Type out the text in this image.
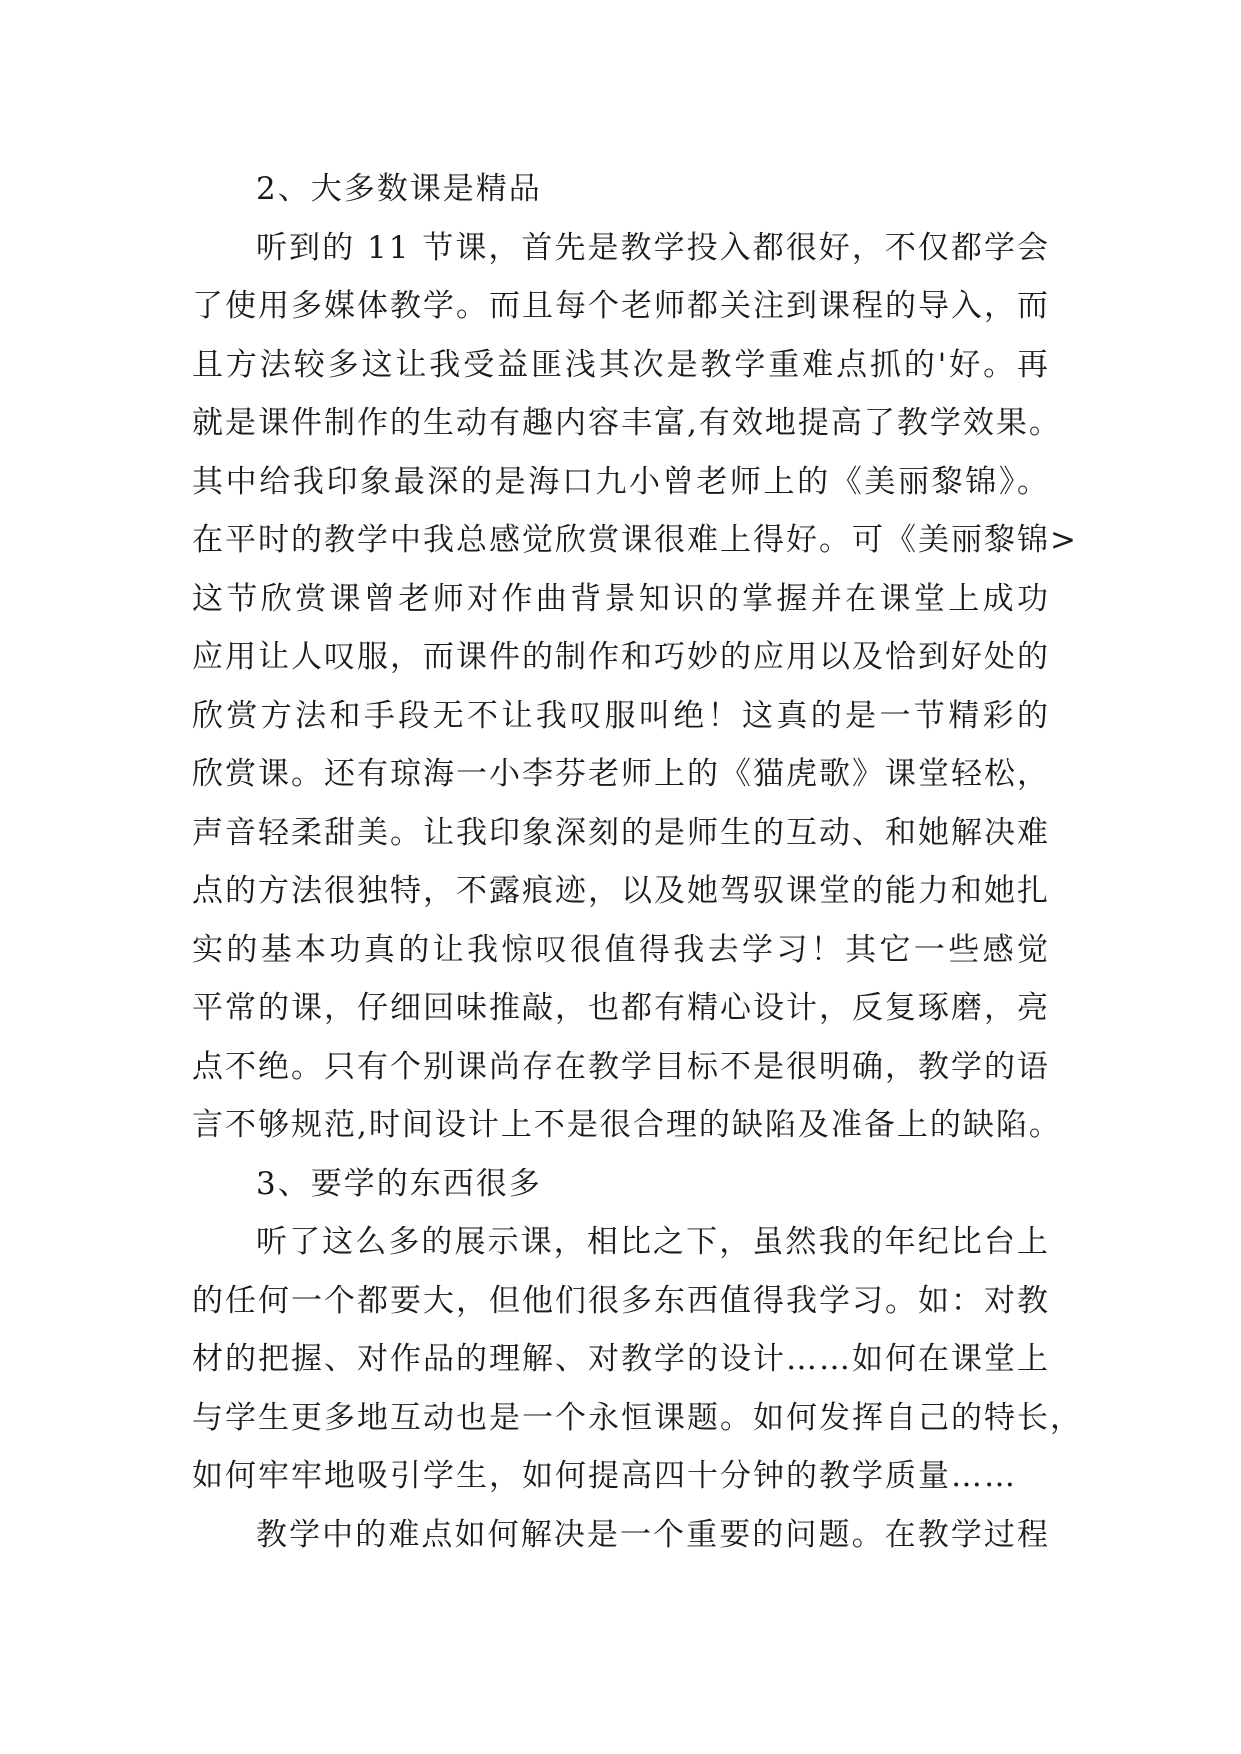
2、大多数课是精品
听到的 11 节课，首先是教学投入都很好，不仅都学会
了使用多媒体教学。而且每个老师都关注到课程的导入，而
且方法较多这让我受益匪浅其次是教学重难点抓的'好。再
就是课件制作的生动有趣内容丰富,有效地提高了教学效果。
其中给我印象最深的是海口九小曾老师上的《美丽黎锦》。
在平时的教学中我总感觉欣赏课很难上得好。可《美丽黎锦>
这节欣赏课曾老师对作曲背景知识的掌握并在课堂上成功
应用让人叹服，而课件的制作和巧妙的应用以及恰到好处的
欣赏方法和手段无不让我叹服叫绝！这真的是一节精彩的
欣赏课。还有琼海一小李芬老师上的《猫虎歌》课堂轻松，
声音轻柔甜美。让我印象深刻的是师生的互动、和她解决难
点的方法很独特，不露痕迹，以及她驾驭课堂的能力和她扎
实的基本功真的让我惊叹很值得我去学习！其它一些感觉
平常的课，仔细回味推敲，也都有精心设计，反复琢磨，亮
点不绝。只有个别课尚存在教学目标不是很明确，教学的语
言不够规范,时间设计上不是很合理的缺陷及准备上的缺陷。
3、要学的东西很多
听了这么多的展示课，相比之下，虽然我的年纪比台上
的任何一个都要大，但他们很多东西值得我学习。如：对教
材的把握、对作品的理解、对教学的设计……如何在课堂上
与学生更多地互动也是一个永恒课题。如何发挥自己的特长，
如何牢牢地吸引学生，如何提高四十分钟的教学质量……
教学中的难点如何解决是一个重要的问题。在教学过程
